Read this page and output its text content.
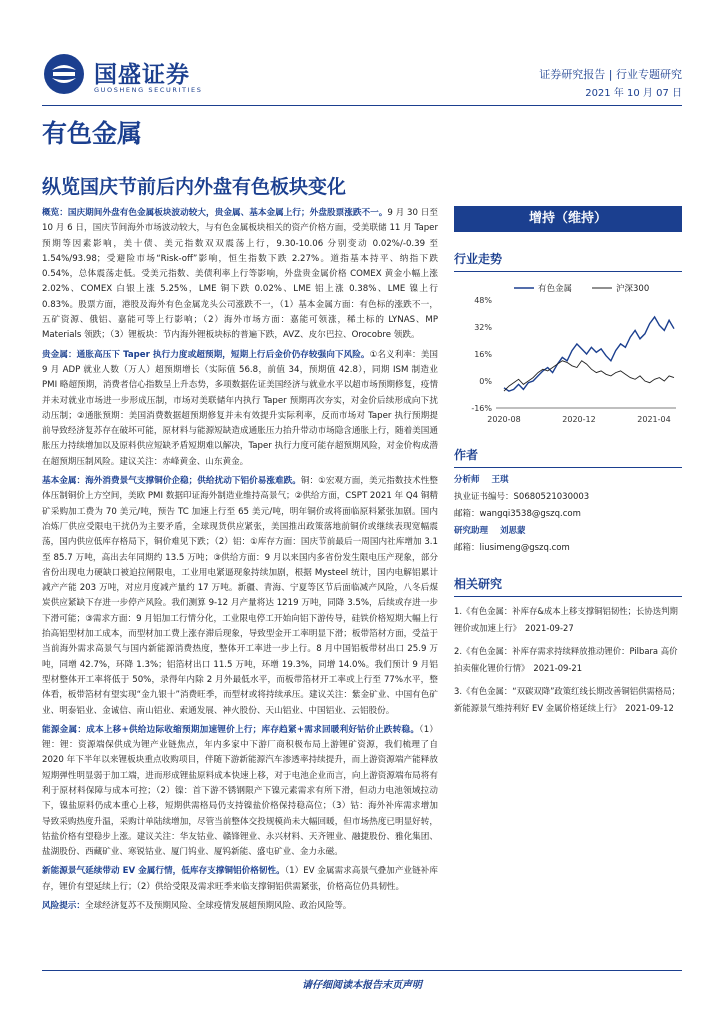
国盛证券
GUOSHENG SECURITIES
证券研究报告 | 行业专题研究
2021 年 10 月 07 日
有色金属
纵览国庆节前后内外盘有色板块变化

概览：国庆期间外盘有色金属板块波动较大，贵金属、基本金属上行；外盘股票涨跌不一。9 月 30 日至 10 月 6 日，国庆节间海外市场波动较大，与有色金属板块相关的资产价格方面，受美联储 11 月 Taper 预期等因素影响，美十债、美元指数双双震荡上行，9.30-10.06 分别变动 0.02%/-0.39 至 1.54%/93.98；受避险市场“Risk-off”影响，恒生指数下跌 2.27%。道指基本持平、纳指下跌 0.54%，总体震荡走低。受美元指数、美债利率上行等影响，外盘贵金属价格 COMEX 黄金小幅上涨 2.02%、COMEX 白银上涨 5.25%，LME 铜下跌 0.02%、LME 铝上涨 0.38%、LME 镍上行 0.83%。股票方面，港股及海外有色金属龙头公司涨跌不一，（1）基本金属方面：有色标的涨跌不一，五矿资源、俄铝、嘉能可等上行影响；（2）海外市场方面：嘉能可领涨，稀土标的 LYNAS、MP Materials 领跌；（3）锂板块：节内海外锂板块标的普遍下跌，AVZ、皮尔巴拉、Orocobre 领跌。

贵金属：通胀高压下 Taper 执行力度或超预期，短期上行后金价仍存较强向下风险。①名义利率：美国 9 月 ADP 就业人数（万人）超预期增长（实际值 56.8，前值 34，预期值 42.8），同期 ISM 制造业 PMI 略超预期，消费者信心指数呈上升态势，多项数据佐证美国经济与就业水平以超市场预期修复，疫情并未对就业市场进一步形成压制，市场对美联储年内执行 Taper 预期再次夯实，对金价后续形成向下扰动压制；②通胀预期：美国消费数据超预期修复并未有效提升实际利率，反而市场对 Taper 执行预期提前导致经济复苏存在破坏可能，原材料与能源短缺造成通胀压力抬升带动市场隐含通胀上行，随着美国通胀压力持续增加以及原料供应短缺矛盾短期难以解决，Taper 执行力度可能存超预期风险，对金价构成潜在超预期压制风险。建议关注：赤峰黄金、山东黄金。

基本金属：海外消费景气支撑铜价企稳；供给扰动下铝价易涨难跌。铜：①宏观方面，美元指数技术性整体压制铜价上方空间，美欧 PMI 数据印证海外制造业维持高景气；②供给方面，CSPT 2021 年 Q4 铜精矿采购加工费为 70 美元/吨，预告 TC 加速上行至 65 美元/吨，明年铜价或将面临原料紧张加剧。国内冶炼厂供应受限电干扰仍为主要矛盾，全球现货供应紧张，美国推出政策落地前铜价或继续表现宽幅震荡，国内供应低库存格局下，铜价难见下跌；（2）铝：①库存方面：国庆节前最后一周国内社库增加 3.1 至 85.7 万吨，高出去年同期约 13.5 万吨；③供给方面：9 月以来国内多省份发生限电压产现象，部分省份出现电力硬缺口被迫拉闸限电，工业用电紧逼现象持续加剧，根据 Mysteel 统计，国内电解铝累计减产产能 203 万吨，对应月度减产量约 17 万吨。新疆、青海、宁夏等区节后面临减产风险，八冬后煤炭供应紧缺下存进一步停产风险。我们测算 9-12 月产量将达 1219 万吨，同降 3.5%，后续或存进一步下滑可能；③需求方面：9 月铝加工行情分化，工业限电停工开始向铝下游传导，硅铁价格短期大幅上行抬高铝型材加工成本，而型材加工费上涨存滞后现象，导致型金开工率明显下滑；板带箔材方面，受益于当前海外需求高景气与国内新能源消费热度，整体开工率进一步上行。8 月中国铝板带材出口 25.9 万吨，同增 42.7%，环降 1.3%；铝箔材出口 11.5 万吨，环增 19.3%，同增 14.0%。我们预计 9 月铝型材整体开工率将低于 50%，录得年内除 2 月外最低水平，而板带箔材开工率或上行至 77%水平，整体看，板带箔材有望实现“金九银十”消费旺季，而型材或将持续承压。建议关注：紫金矿业、中国有色矿业、明泰铝业、金诚信、南山铝业、索通发展、神火股份、天山铝业、中国铝业、云铝股份。

能源金属：成本上移+供给边际收缩预期加速锂价上行；库存趋紧+需求回暖利好钴价止跌转稳。（1）锂：锂：资源端保供成为锂产业链焦点，年内多家中下游厂商积极布局上游锂矿资源，我们梳理了自 2020 年下半年以来锂板块重点收购项目，伴随下游新能源汽车渗透率持续提升，而上游资源端产能释放短期弹性明显弱于加工端，进而形成锂盐原料成本快速上移，对于电池企业而言，向上游资源端布局将有利于原材料保障与成本可控；（2）镍：首下游不锈钢限产下镍元素需求有所下滑，但动力电池领域拉动下，镍盐原料仍成本重心上移，短期供需格局仍支持镍盐价格保持稳高位；（3）钴：海外补库需求增加导致采购热度升温，采购计单陆续增加，尽管当前整体交投规模尚未大幅回暖，但市场热度已明显好转，钴盐价格有望稳步上涨。建议关注：华友钴业、赣锋锂业、永兴材料、天齐锂业、融捷股份、雅化集团、盐湖股份、西藏矿业、寒锐钴业、厦门钨业、厦钨新能、盛屯矿业、金力永磁。

新能源景气延续带动 EV 金属行情，低库存支撑铜铝价格韧性。（1）EV 金属需求高景气叠加产业链补库存，锂价有望延续上行；（2）供给受限及需求旺季来临支撑铜铝供需紧张，价格高位仍具韧性。

风险提示：全球经济复苏不及预期风险、全球疫情发展超预期风险、政治风险等。

增持（维持）
行业走势
48%
32%
16%
0%
-16%
2020-08	2020-12	2021-04
有色金属	沪深300
作者
分析师 王琪
执业证书编号：S0680521030003
邮箱：wangqi3538@gszq.com
研究助理 刘思蒙
邮箱：liusimeng@gszq.com
相关研究
1.《有色金属：补库存&成本上移支撑铜铝韧性；长协迭判期锂价或加速上行》 2021-09-27
2.《有色金属：补库存需求持续释放推动锂价：Pilbara 高价拍卖催化锂价行情》 2021-09-21
3.《有色金属：“双碳双降”政策红线长期改善铜铝供需格局；新能源景气维持利好 EV 金属价格延续上行》 2021-09-12
请仔细阅读本报告末页声明
